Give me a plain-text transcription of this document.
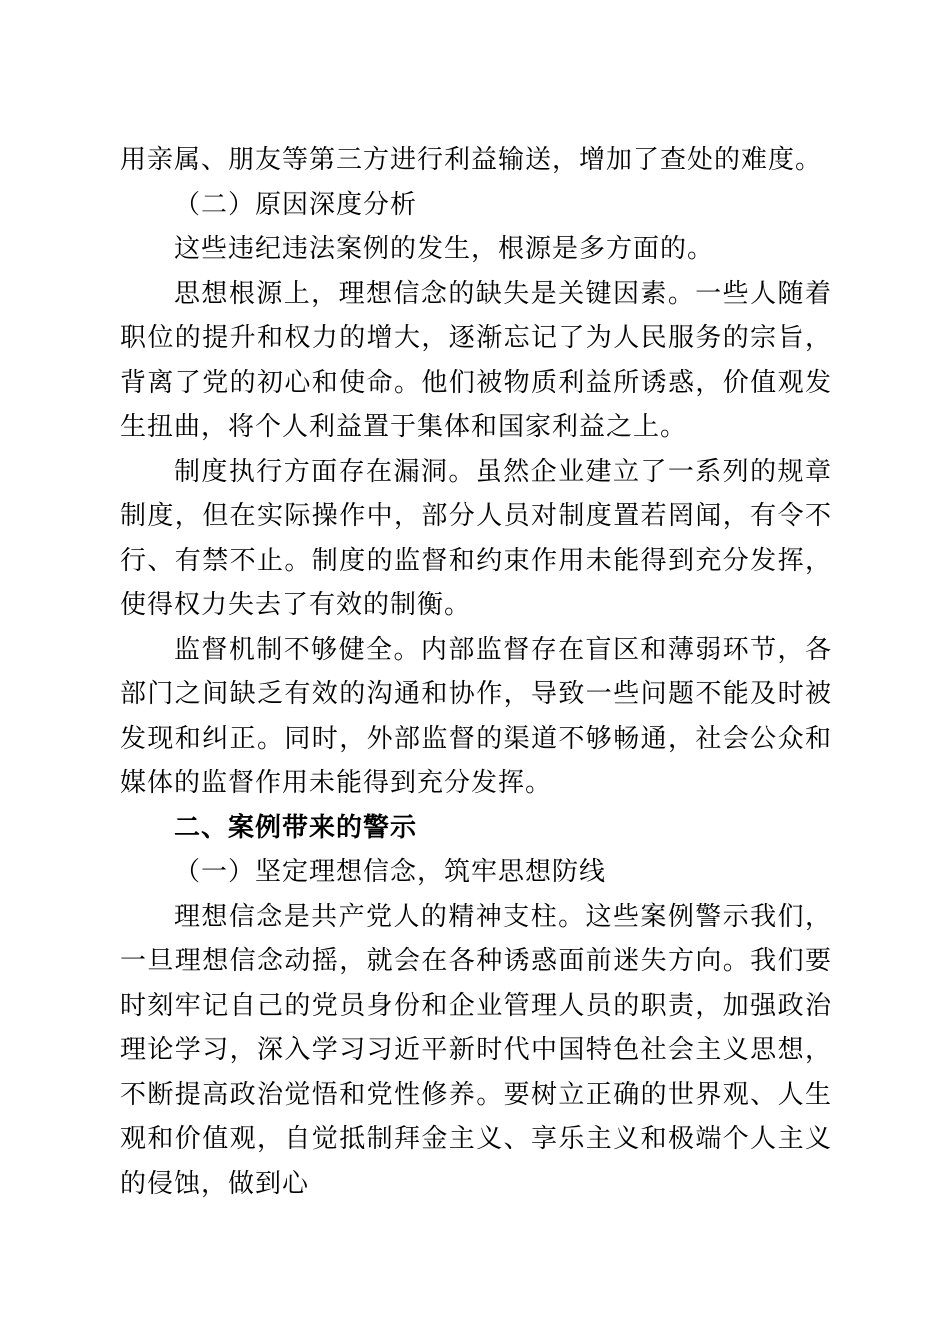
用亲属、朋友等第三方进行利益输送，增加了查处的难度。

（二）原因深度分析

这些违纪违法案例的发生，根源是多方面的。

思想根源上，理想信念的缺失是关键因素。一些人随着职位的提升和权力的增大，逐渐忘记了为人民服务的宗旨，背离了党的初心和使命。他们被物质利益所诱惑，价值观发生扭曲，将个人利益置于集体和国家利益之上。

制度执行方面存在漏洞。虽然企业建立了一系列的规章制度，但在实际操作中，部分人员对制度置若罔闻，有令不行、有禁不止。制度的监督和约束作用未能得到充分发挥，使得权力失去了有效的制衡。

监督机制不够健全。内部监督存在盲区和薄弱环节，各部门之间缺乏有效的沟通和协作，导致一些问题不能及时被发现和纠正。同时，外部监督的渠道不够畅通，社会公众和媒体的监督作用未能得到充分发挥。

二、案例带来的警示

（一）坚定理想信念，筑牢思想防线

理想信念是共产党人的精神支柱。这些案例警示我们，一旦理想信念动摇，就会在各种诱惑面前迷失方向。我们要时刻牢记自己的党员身份和企业管理人员的职责，加强政治理论学习，深入学习习近平新时代中国特色社会主义思想，不断提高政治觉悟和党性修养。要树立正确的世界观、人生观和价值观，自觉抵制拜金主义、享乐主义和极端个人主义的侵蚀，做到心
